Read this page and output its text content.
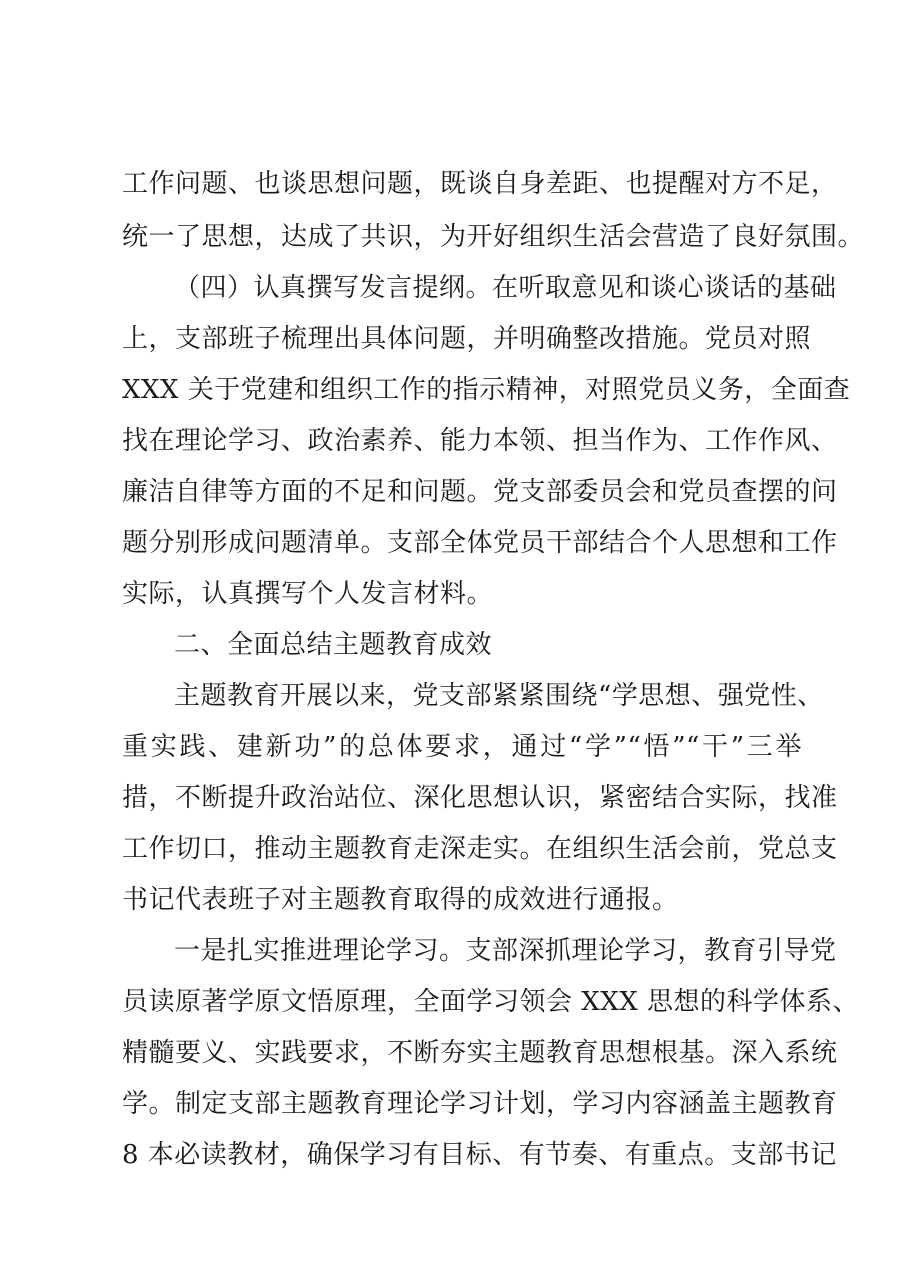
工作问题、也谈思想问题，既谈自身差距、也提醒对方不足，
统一了思想，达成了共识，为开好组织生活会营造了良好氛围。
（四）认真撰写发言提纲。在听取意见和谈心谈话的基础
上，支部班子梳理出具体问题，并明确整改措施。党员对照
XXX 关于党建和组织工作的指示精神，对照党员义务，全面查
找在理论学习、政治素养、能力本领、担当作为、工作作风、
廉洁自律等方面的不足和问题。党支部委员会和党员查摆的问
题分别形成问题清单。支部全体党员干部结合个人思想和工作
实际，认真撰写个人发言材料。
二、全面总结主题教育成效
主题教育开展以来，党支部紧紧围绕“学思想、强党性、
重实践、建新功”的总体要求，通过“学”“悟”“干”三举
措，不断提升政治站位、深化思想认识，紧密结合实际，找准
工作切口，推动主题教育走深走实。在组织生活会前，党总支
书记代表班子对主题教育取得的成效进行通报。
一是扎实推进理论学习。支部深抓理论学习，教育引导党
员读原著学原文悟原理，全面学习领会 XXX 思想的科学体系、
精髓要义、实践要求，不断夯实主题教育思想根基。深入系统
学。制定支部主题教育理论学习计划，学习内容涵盖主题教育
8 本必读教材，确保学习有目标、有节奏、有重点。支部书记
